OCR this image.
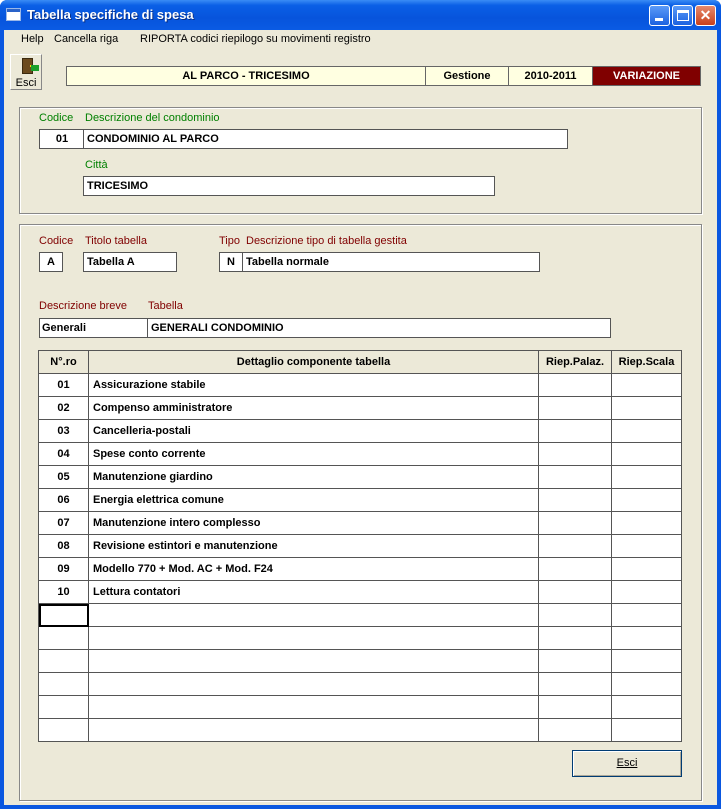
Tabella specifiche di spesa	✕
Help Cancella riga RIPORTA codici riepilogo su movimenti registro
Esci
AL PARCO - TRICESIMO	Gestione	2010-2011	VARIAZIONE
Codice Descrizione del condominio
01	CONDOMINIO AL PARCO
Città
TRICESIMO
Codice Titolo tabella	Tipo Descrizione tipo di tabella gestita
A	Tabella A	N	Tabella normale
Descrizione breve Tabella
Generali	GENERALI CONDOMINIO
N°.ro	Dettaglio componente tabella	Riep.Palaz.	Riep.Scala
01	Assicurazione stabile		
02	Compenso amministratore		
03	Cancelleria-postali		
04	Spese conto corrente		
05	Manutenzione giardino		
06	Energia elettrica comune		
07	Manutenzione intero complesso		
08	Revisione estintori e manutenzione		
09	Modello 770 + Mod. AC + Mod. F24		
10	Lettura contatori		

Esci
